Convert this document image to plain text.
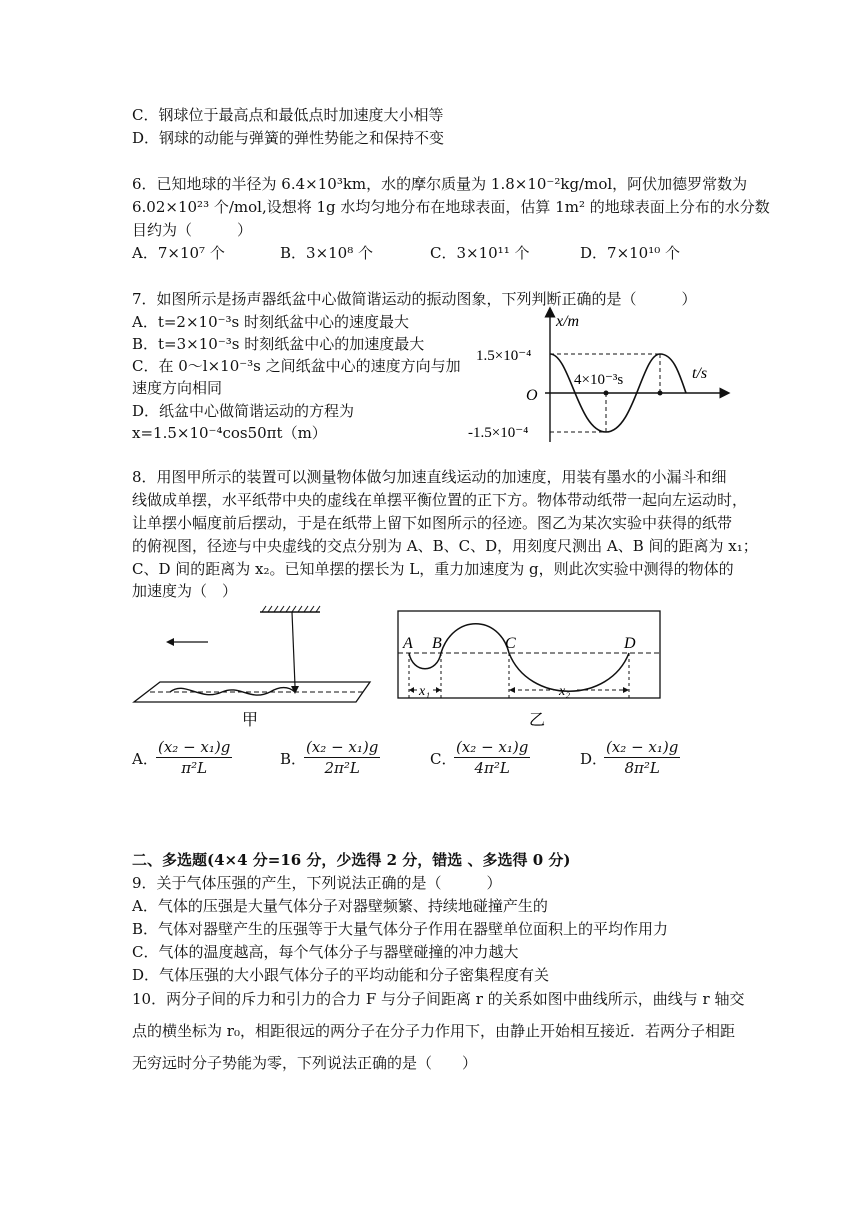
C．钢球位于最高点和最低点时加速度大小相等
D．钢球的动能与弹簧的弹性势能之和保持不变
6．已知地球的半径为 6.4×10³km，水的摩尔质量为 1.8×10⁻²kg/mol，阿伏加德罗常数为
6.02×10²³ 个/mol,设想将 1g 水均匀地分布在地球表面，估算 1m² 的地球表面上分布的水分数
目约为（　　　）
A．7×10⁷ 个	B．3×10⁸ 个	C．3×10¹¹ 个	D．7×10¹⁰ 个
7．如图所示是扬声器纸盆中心做简谐运动的振动图象，下列判断正确的是（　　　）
A．t=2×10⁻³s 时刻纸盆中心的速度最大
B．t=3×10⁻³s 时刻纸盆中心的加速度最大
C．在 0～l×10⁻³s 之间纸盆中心的速度方向与加
速度方向相同
D．纸盆中心做简谐运动的方程为
x=1.5×10⁻⁴cos50πt（m）
x/m
t/s
O
1.5×10⁻⁴
-1.5×10⁻⁴
4×10⁻³s
8．用图甲所示的装置可以测量物体做匀加速直线运动的加速度，用装有墨水的小漏斗和细
线做成单摆，水平纸带中央的虚线在单摆平衡位置的正下方。物体带动纸带一起向左运动时，
让单摆小幅度前后摆动，于是在纸带上留下如图所示的径迹。图乙为某次实验中获得的纸带
的俯视图，径迹与中央虚线的交点分别为 A、B、C、D，用刻度尺测出 A、B 间的距离为 x₁；
C、D 间的距离为 x₂。已知单摆的摆长为 L，重力加速度为 g，则此次实验中测得的物体的
加速度为（　）
甲
x₁	x₂
A B	C	D
乙
A．
$\frac{\text{(x₂ − x₁)g}}{\text{π²L}}$	B．
$\frac{\text{(x₂ − x₁)g}}{\text{2π²L}}$	C．
$\frac{\text{(x₂ − x₁)g}}{\text{4π²L}}$	D．
$\frac{\text{(x₂ − x₁)g}}{\text{8π²L}}$
二、多选题(4×4 分=16 分，少选得 2 分，错选 、多选得 0 分)
9．关于气体压强的产生，下列说法正确的是（　　　）
A．气体的压强是大量气体分子对器壁频繁、持续地碰撞产生的
B．气体对器壁产生的压强等于大量气体分子作用在器壁单位面积上的平均作用力
C．气体的温度越高，每个气体分子与器壁碰撞的冲力越大
D．气体压强的大小跟气体分子的平均动能和分子密集程度有关
10．两分子间的斥力和引力的合力 F 与分子间距离 r 的关系如图中曲线所示，曲线与 r 轴交
点的横坐标为 r₀，相距很远的两分子在分子力作用下，由静止开始相互接近．若两分子相距
无穷远时分子势能为零，下列说法正确的是（　　）
